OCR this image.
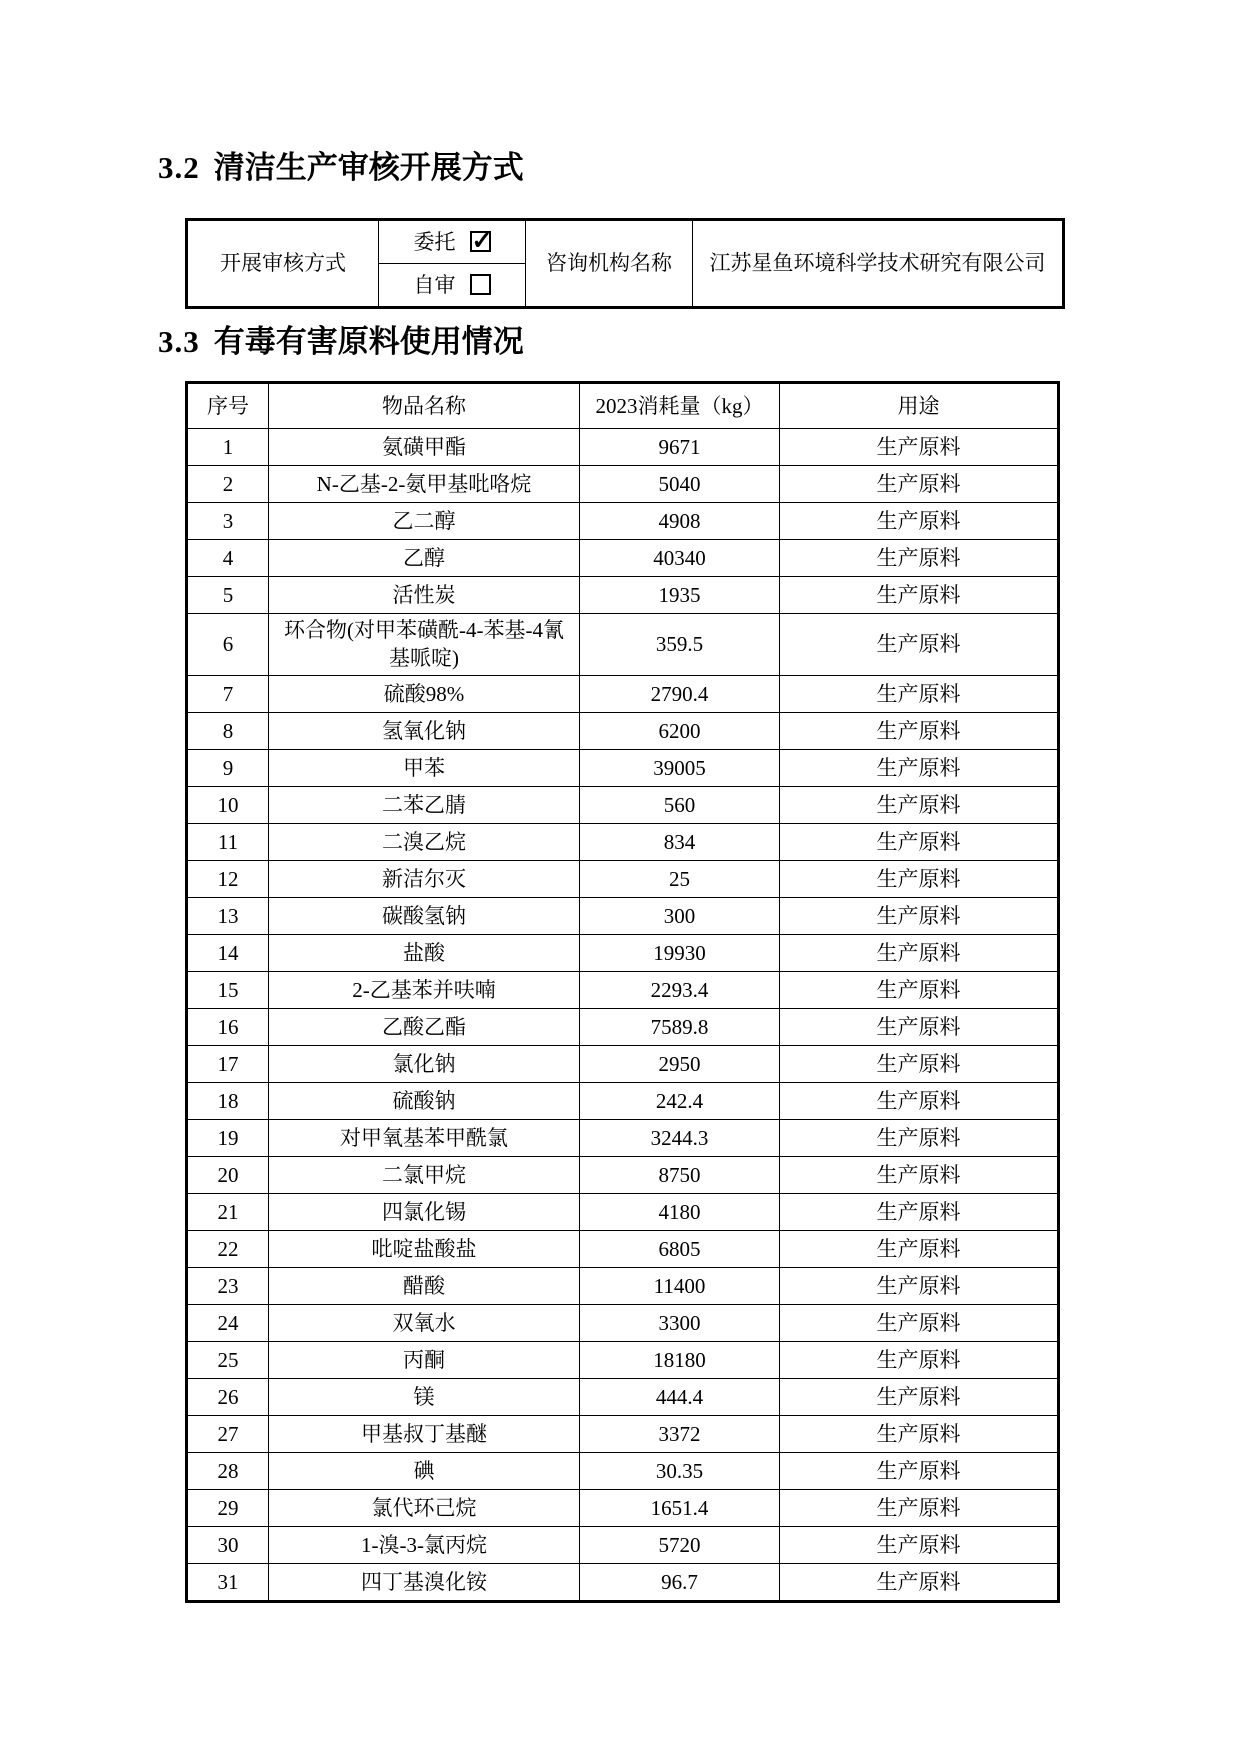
3.2 清洁生产审核开展方式
开展审核方式	委托✓	咨询机构名称	江苏星鱼环境科学技术研究有限公司
自审
3.3 有毒有害原料使用情况
序号	物品名称	2023消耗量（kg）	用途
1	氨磺甲酯	9671	生产原料
2	N-乙基-2-氨甲基吡咯烷	5040	生产原料
3	乙二醇	4908	生产原料
4	乙醇	40340	生产原料
5	活性炭	1935	生产原料
6	环合物(对甲苯磺酰-4-苯基-4氰基哌啶)	359.5	生产原料
7	硫酸98%	2790.4	生产原料
8	氢氧化钠	6200	生产原料
9	甲苯	39005	生产原料
10	二苯乙腈	560	生产原料
11	二溴乙烷	834	生产原料
12	新洁尔灭	25	生产原料
13	碳酸氢钠	300	生产原料
14	盐酸	19930	生产原料
15	2-乙基苯并呋喃	2293.4	生产原料
16	乙酸乙酯	7589.8	生产原料
17	氯化钠	2950	生产原料
18	硫酸钠	242.4	生产原料
19	对甲氧基苯甲酰氯	3244.3	生产原料
20	二氯甲烷	8750	生产原料
21	四氯化锡	4180	生产原料
22	吡啶盐酸盐	6805	生产原料
23	醋酸	11400	生产原料
24	双氧水	3300	生产原料
25	丙酮	18180	生产原料
26	镁	444.4	生产原料
27	甲基叔丁基醚	3372	生产原料
28	碘	30.35	生产原料
29	氯代环己烷	1651.4	生产原料
30	1-溴-3-氯丙烷	5720	生产原料
31	四丁基溴化铵	96.7	生产原料
